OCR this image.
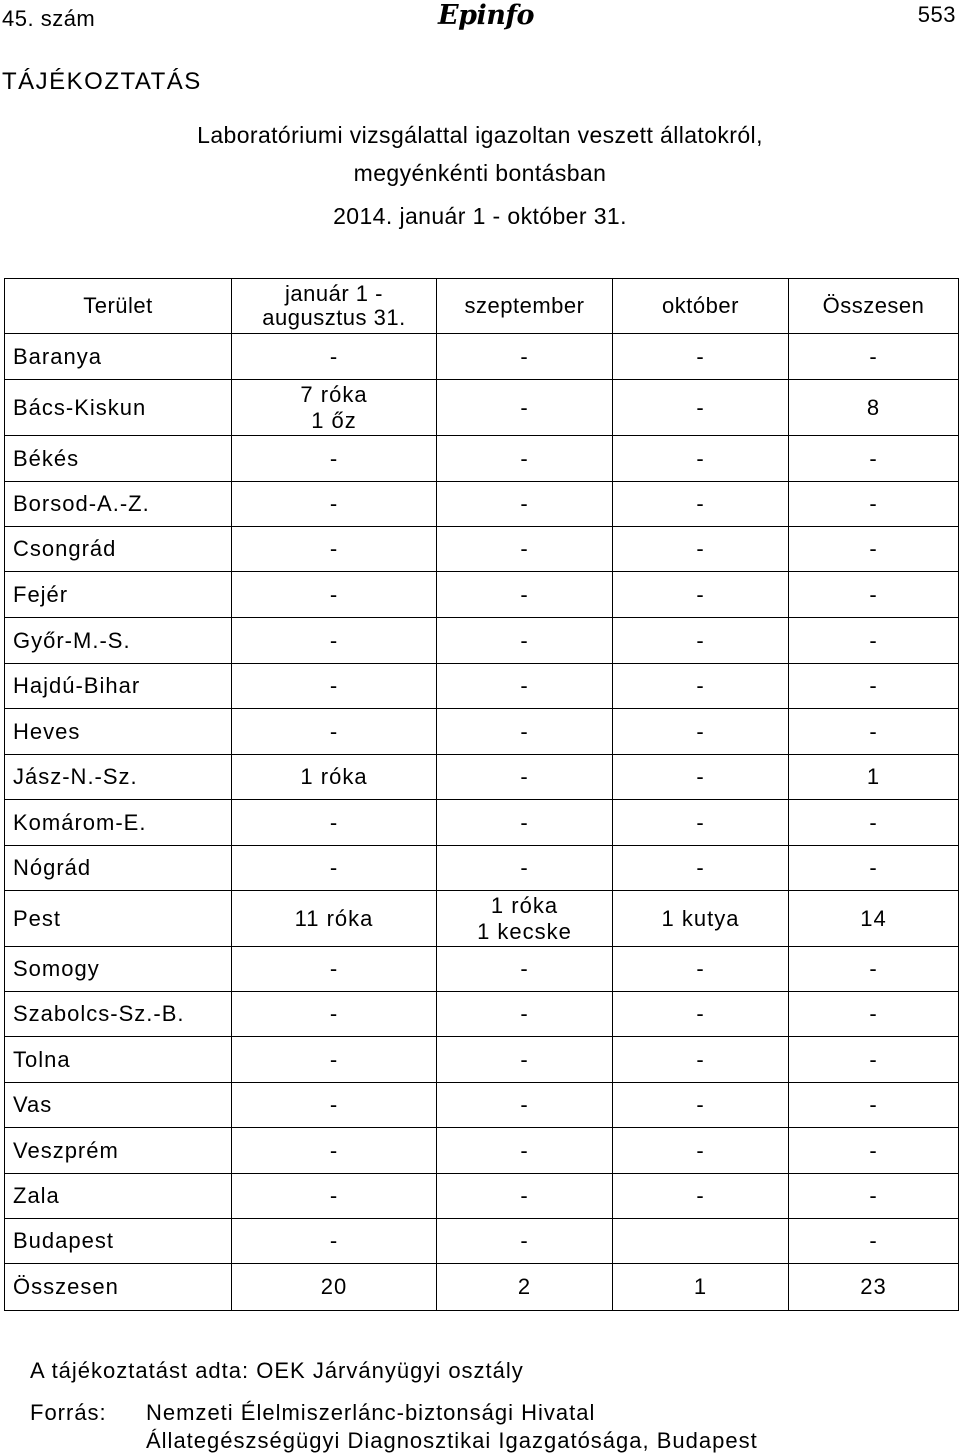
45. szám	Epinfo	553
TÁJÉKOZTATÁS
Laboratóriumi vizsgálattal igazoltan veszett állatokról,
megyénkénti bontásban
2014. január 1 - október 31.
Terület	január 1 -
augusztus 31.	szeptember	október	Összesen

Baranya	-	-	-	-

Bács-Kiskun	7 róka
1 őz	-	-	8

Békés	-	-	-	-

Borsod-A.-Z.	-	-	-	-

Csongrád	-	-	-	-

Fejér	-	-	-	-

Győr-M.-S.	-	-	-	-

Hajdú-Bihar	-	-	-	-

Heves	-	-	-	-

Jász-N.-Sz.	1 róka	-	-	1

Komárom-E.	-	-	-	-

Nógrád	-	-	-	-

Pest	11 róka	1 róka
1 kecske	1 kutya	14

Somogy	-	-	-	-

Szabolcs-Sz.-B.	-	-	-	-

Tolna	-	-	-	-

Vas	-	-	-	-

Veszprém	-	-	-	-

Zala	-	-	-	-

Budapest	-	-		-

Összesen	20	2	1	23
A tájékoztatást adta: OEK Járványügyi osztály
Forrás: Nemzeti Élelmiszerlánc-biztonsági Hivatal
Állategészségügyi Diagnosztikai Igazgatósága, Budapest
